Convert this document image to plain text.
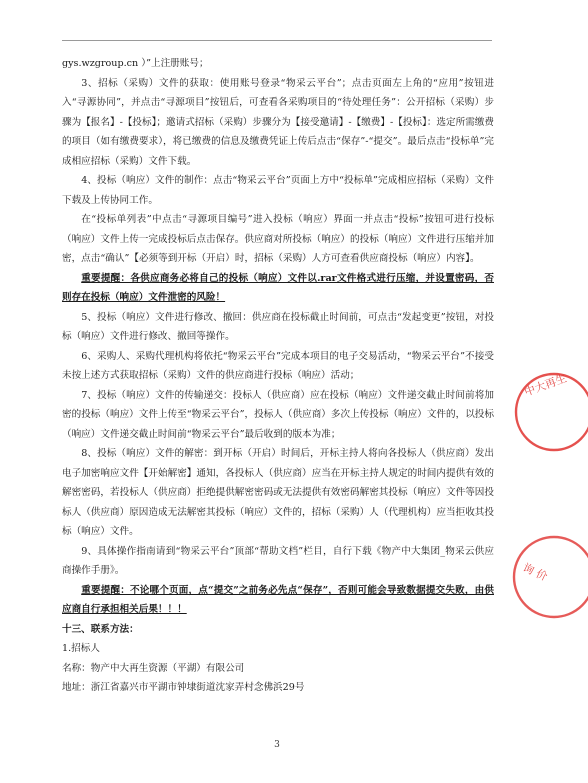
gys.wzgroup.cn ）”上注册账号；

3、招标（采购）文件的获取：使用账号登录“物采云平台”；点击页面左上角的“应用”按钮进入“寻源协同”，并点击“寻源项目”按钮后，可查看各采购项目的“待处理任务”：公开招标（采购）步骤为【报名】-【投标】；邀请式招标（采购）步骤分为【接受邀请】-【缴费】-【投标】：选定所需缴费的项目（如有缴费要求），将已缴费的信息及缴费凭证上传后点击“保存”-“提交”。最后点击“投标单”完成相应招标（采购）文件下载。

4、投标（响应）文件的制作：点击“物采云平台”页面上方中“投标单”完成相应招标（采购）文件下载及上传协同工作。

在“投标单列表”中点击“寻源项目编号”进入投标（响应）界面一并点击“投标”按钮可进行投标（响应）文件上传一完成投标后点击保存。供应商对所投标（响应）的投标（响应）文件进行压缩并加密，点击“确认”【必须等到开标（开启）时，招标（采购）人方可查看供应商投标（响应）内容】。

重要提醒：各供应商务必将自己的投标（响应）文件以.rar文件格式进行压缩，并设置密码，否则存在投标（响应）文件泄密的风险！

5、投标（响应）文件进行修改、撤回：供应商在投标截止时间前，可点击“发起变更”按钮，对投标（响应）文件进行修改、撤回等操作。

6、采购人、采购代理机构将依托“物采云平台”完成本项目的电子交易活动，“物采云平台”不接受未按上述方式获取招标（采购）文件的供应商进行投标（响应）活动；

7、投标（响应）文件的传输递交：投标人（供应商）应在投标（响应）文件递交截止时间前将加密的投标（响应）文件上传至“物采云平台”，投标人（供应商）多次上传投标（响应）文件的，以投标（响应）文件递交截止时间前“物采云平台”最后收到的版本为准；

8、投标（响应）文件的解密：到开标（开启）时间后，开标主持人将向各投标人（供应商）发出电子加密响应文件【开始解密】通知，各投标人（供应商）应当在开标主持人规定的时间内提供有效的解密密码，若投标人（供应商）拒绝提供解密密码或无法提供有效密码解密其投标（响应）文件等因投标人（供应商）原因造成无法解密其投标（响应）文件的，招标（采购）人（代理机构）应当拒收其投标（响应）文件。

9、具体操作指南请到“物采云平台”顶部“帮助文档”栏目，自行下载《物产中大集团_物采云供应商操作手册》。

重要提醒：不论哪个页面，点“提交”之前务必先点“保存”，否则可能会导致数据提交失败，由供应商自行承担相关后果！！！

十三、联系方法：

1.招标人

名称：物产中大再生资源（平湖）有限公司

地址：浙江省嘉兴市平湖市钟埭街道沈家弄村念佛浜29号

中大再生
询 价
3
